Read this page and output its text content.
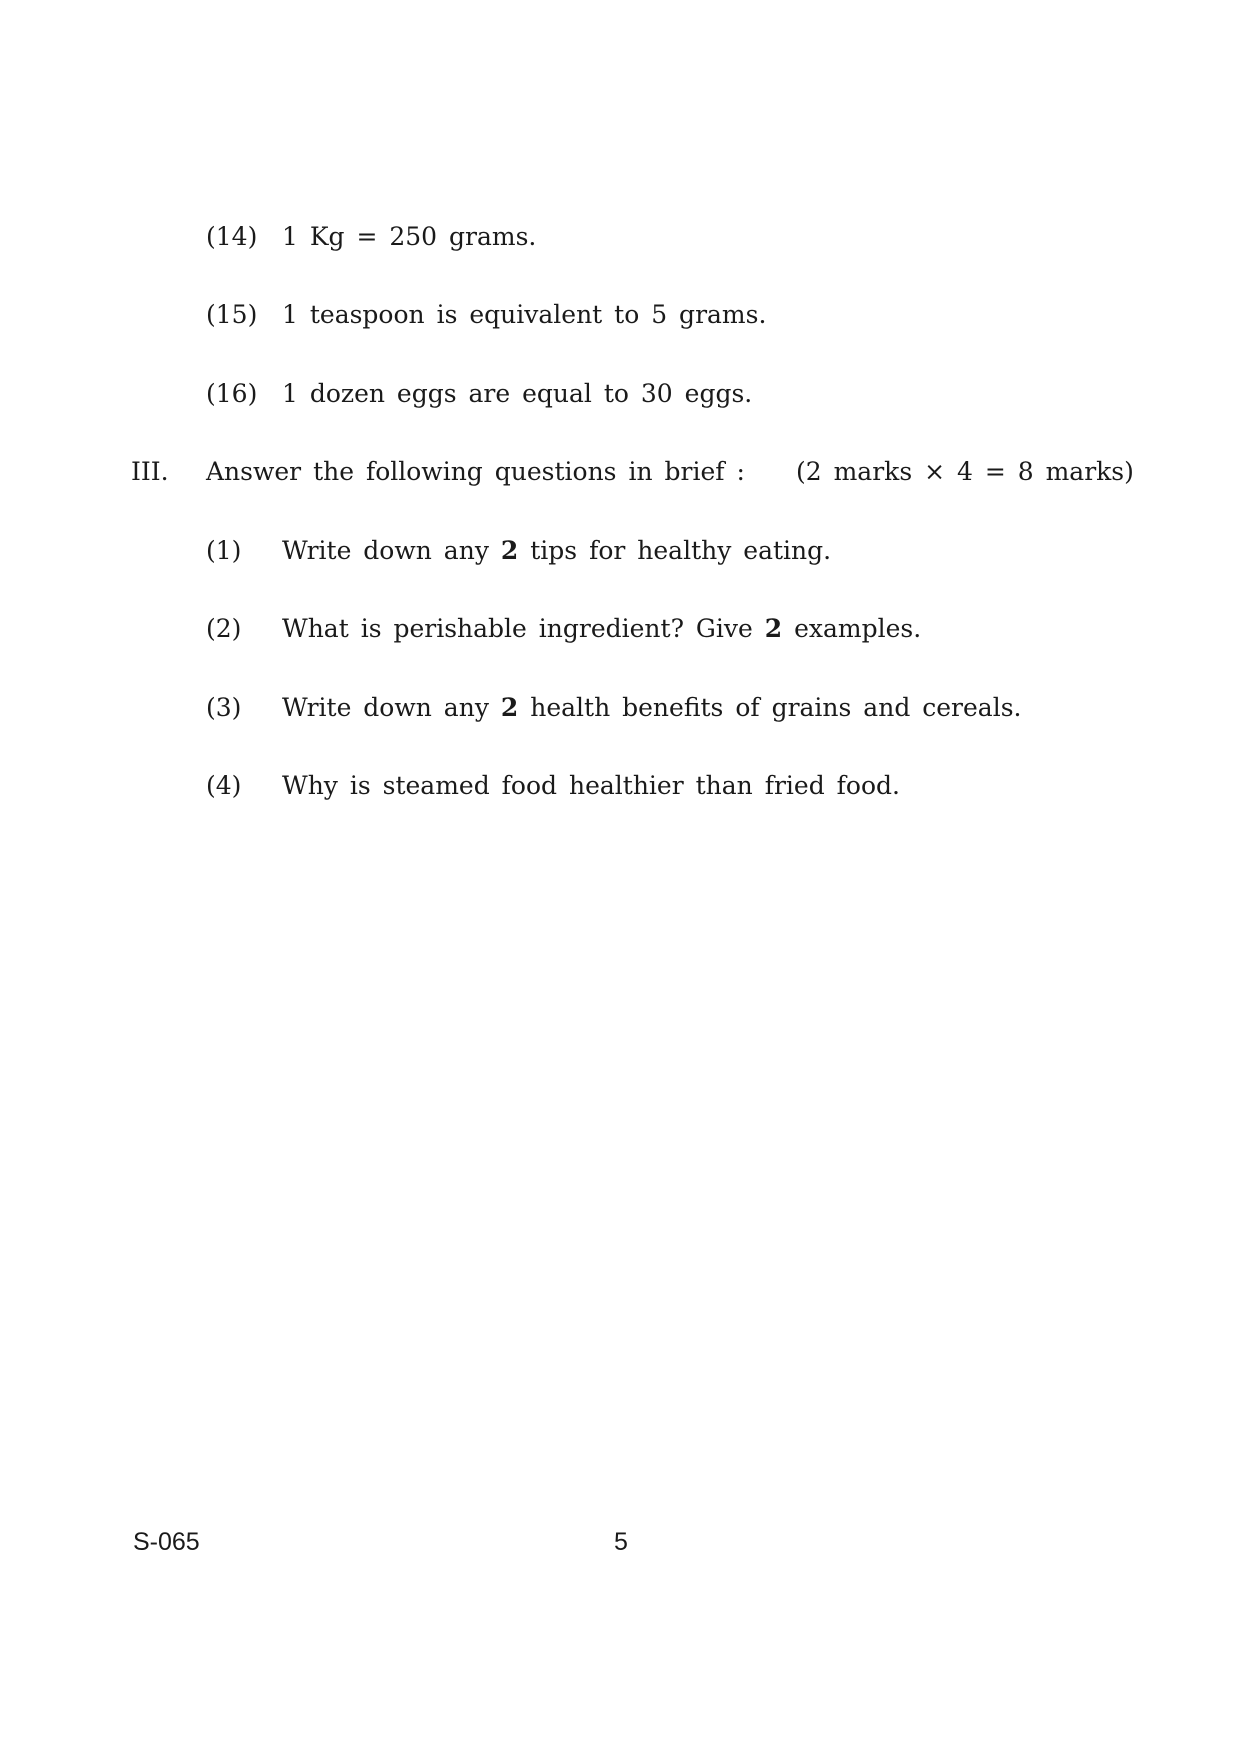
(14) 1 Kg = 250 grams.
(15) 1 teaspoon is equivalent to 5 grams.
(16) 1 dozen eggs are equal to 30 eggs.
III. Answer the following questions in brief : (2 marks × 4 = 8 marks)
(1) Write down any 2 tips for healthy eating.
(2) What is perishable ingredient? Give 2 examples.
(3) Write down any 2 health benefits of grains and cereals.
(4) Why is steamed food healthier than fried food.
S-065	5
